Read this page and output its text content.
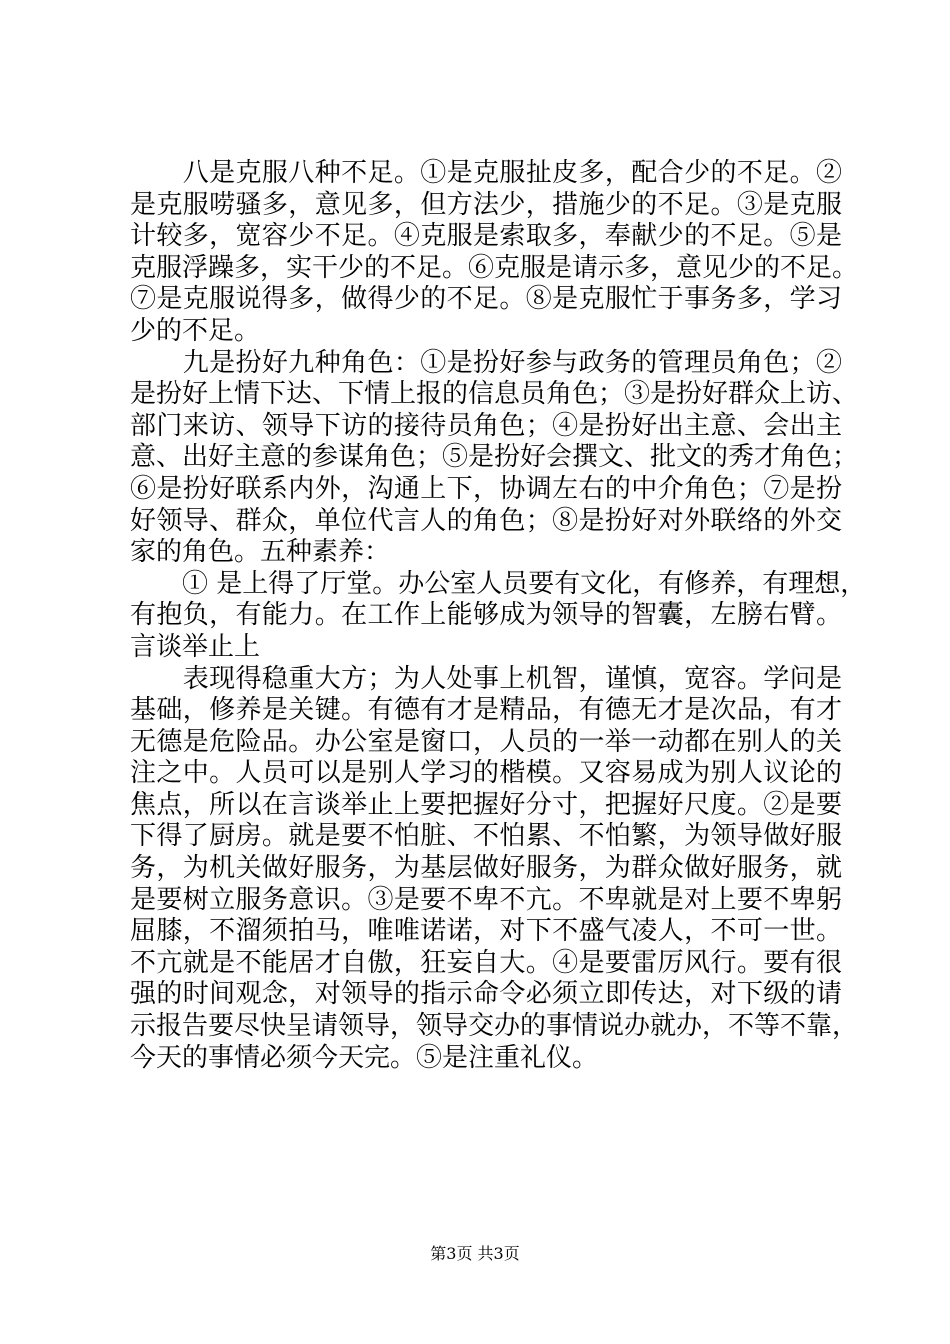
　　八是克服八种不足。①是克服扯皮多，配合少的不足。②
是克服唠骚多，意见多，但方法少，措施少的不足。③是克服
计较多，宽容少不足。④克服是索取多，奉献少的不足。⑤是
克服浮躁多，实干少的不足。⑥克服是请示多，意见少的不足。
⑦是克服说得多，做得少的不足。⑧是克服忙于事务多，学习
少的不足。
　　九是扮好九种角色：①是扮好参与政务的管理员角色；②
是扮好上情下达、下情上报的信息员角色；③是扮好群众上访、
部门来访、领导下访的接待员角色；④是扮好出主意、会出主
意、出好主意的参谋角色；⑤是扮好会撰文、批文的秀才角色；
⑥是扮好联系内外，沟通上下，协调左右的中介角色；⑦是扮
好领导、群众，单位代言人的角色；⑧是扮好对外联络的外交
家的角色。五种素养：
　　① 是上得了厅堂。办公室人员要有文化，有修养，有理想，
有抱负，有能力。在工作上能够成为领导的智囊，左膀右臂。
言谈举止上
　　表现得稳重大方；为人处事上机智，谨慎，宽容。学问是
基础，修养是关键。有德有才是精品，有德无才是次品，有才
无德是危险品。办公室是窗口，人员的一举一动都在别人的关
注之中。人员可以是别人学习的楷模。又容易成为别人议论的
焦点，所以在言谈举止上要把握好分寸，把握好尺度。②是要
下得了厨房。就是要不怕脏、不怕累、不怕繁，为领导做好服
务，为机关做好服务，为基层做好服务，为群众做好服务，就
是要树立服务意识。③是要不卑不亢。不卑就是对上要不卑躬
屈膝，不溜须拍马，唯唯诺诺，对下不盛气凌人，不可一世。
不亢就是不能居才自傲，狂妄自大。④是要雷厉风行。要有很
强的时间观念，对领导的指示命令必须立即传达，对下级的请
示报告要尽快呈请领导，领导交办的事情说办就办，不等不靠，
今天的事情必须今天完。⑤是注重礼仪。
第3页 共3页
